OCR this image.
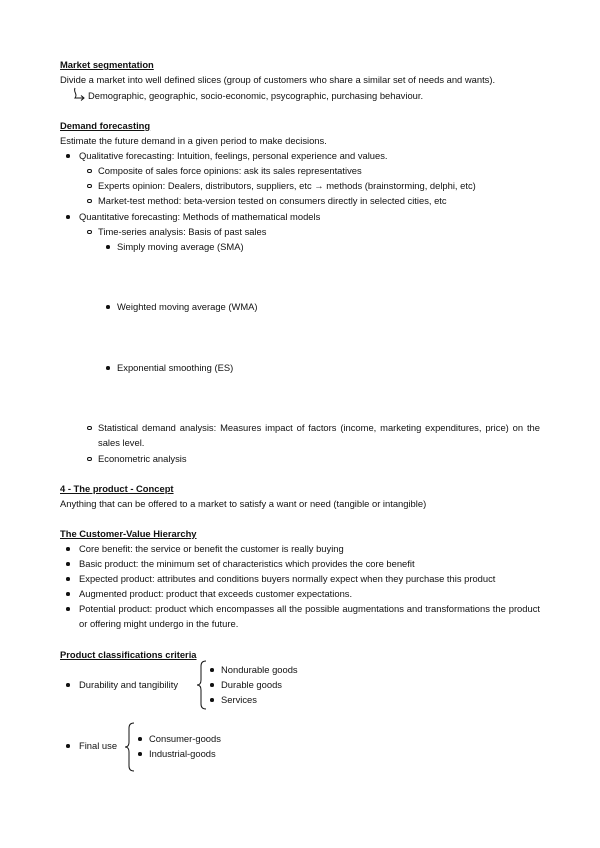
Market segmentation
Divide a market into well defined slices (group of customers who share a similar set of needs and wants).
Demographic, geographic, socio-economic, psycographic, purchasing behaviour.
Demand forecasting
Estimate the future demand in a given period to make decisions.
Qualitative forecasting: Intuition, feelings, personal experience and values.
Composite of sales force opinions: ask its sales representatives
Experts opinion: Dealers, distributors, suppliers, etc → methods (brainstorming, delphi, etc)
Market-test method: beta-version tested on consumers directly in selected cities, etc
Quantitative forecasting: Methods of mathematical models
Time-series analysis: Basis of past sales
Simply moving average (SMA)
Weighted moving average (WMA)
Exponential smoothing (ES)
Statistical demand analysis: Measures impact of factors (income, marketing expenditures, price) on the sales level.
Econometric analysis
4 - The product - Concept
Anything that can be offered to a market to satisfy a want or need (tangible or intangible)
The Customer-Value Hierarchy
Core benefit: the service or benefit the customer is really buying
Basic product: the minimum set of characteristics which provides the core benefit
Expected product: attributes and conditions buyers normally expect when they purchase this product
Augmented product: product that exceeds customer expectations.
Potential product: product which encompasses all the possible augmentations and transformations the product or offering might undergo in the future.
Product classifications criteria
Durability and tangibility
Nondurable goods
Durable goods
Services
Final use
Consumer-goods
Industrial-goods
